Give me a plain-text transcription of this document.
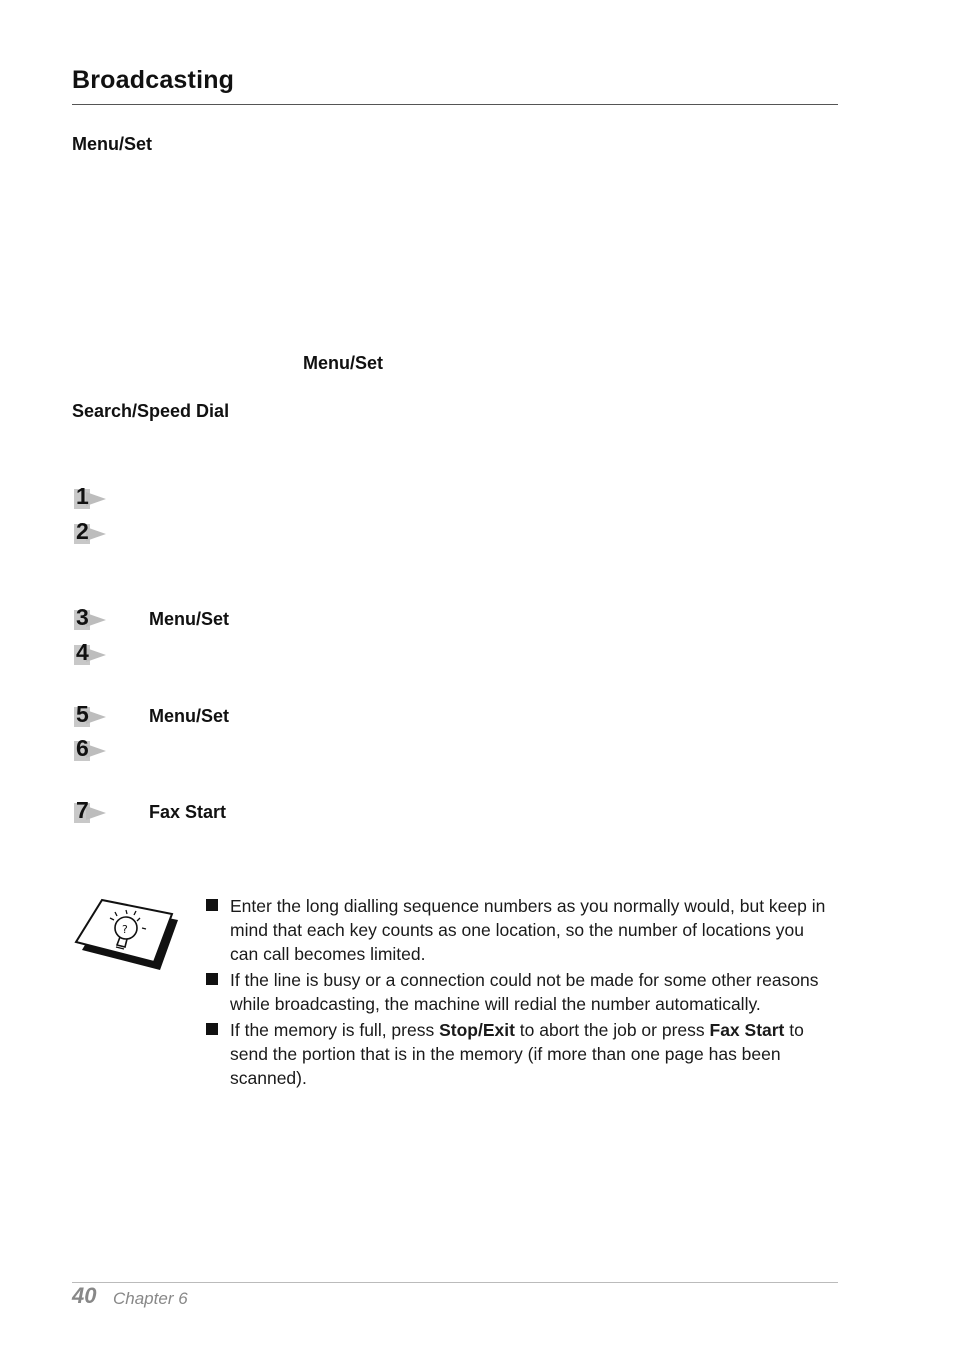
Broadcasting
Menu/Set
Menu/Set
Search/Speed Dial
1
2
3	Menu/Set
4
5	Menu/Set
6
7	Fax Start
?
Enter the long dialling sequence numbers as you normally would, but keep in mind that each key counts as one location, so the number of locations you can call becomes limited.
If the line is busy or a connection could not be made for some other reasons while broadcasting, the machine will redial the number automatically.
If the memory is full, press Stop/Exit to abort the job or press Fax Start to send the portion that is in the memory (if more than one page has been scanned).
40 Chapter 6
